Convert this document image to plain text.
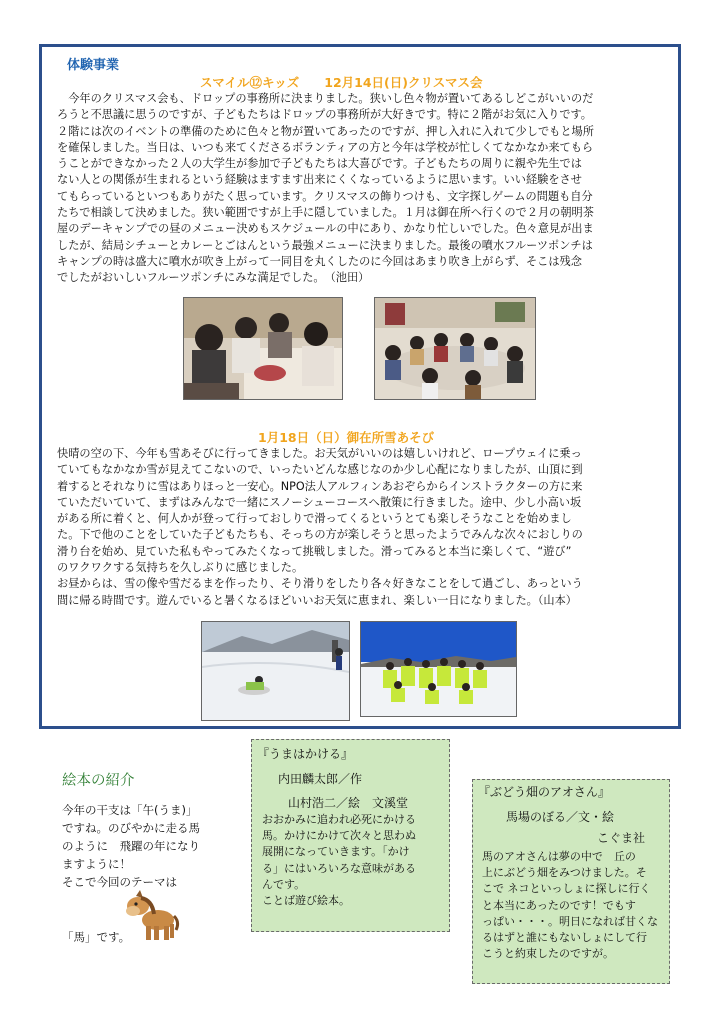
体験事業
スマイル⑫キッズ　　12月14日(日)クリスマス会
　今年のクリスマス会も、ドロップの事務所に決まりました。狭いし色々物が置いてあるしどこがいいのだ
ろうと不思議に思うのですが、子どもたちはドロップの事務所が大好きです。特に２階がお気に入りです。
２階には次のイベントの準備のために色々と物が置いてあったのですが、押し入れに入れて少しでもと場所
を確保しました。当日は、いつも来てくださるボランティアの方と今年は学校が忙しくてなかなか来てもら
うことができなかった２人の大学生が参加で子どもたちは大喜びです。子どもたちの周りに親や先生では
ない人との関係が生まれるという経験はますます出来にくくなっているように思います。いい経験をさせ
てもらっているといつもありがたく思っています。クリスマスの飾りつけも、文字探しゲームの問題も自分
たちで相談して決めました。狭い範囲ですが上手に隠していました。１月は御在所へ行くので２月の朝明茶
屋のデーキャンプでの昼のメニュー決めもスケジュールの中にあり、かなり忙しいでした。色々意見が出ま
したが、結局シチューとカレーとごはんという最強メニューに決まりました。最後の噴水フルーツポンチは
キャンプの時は盛大に噴水が吹き上がって一同目を丸くしたのに今回はあまり吹き上がらず、そこは残念
でしたがおいしいフルーツポンチにみな満足でした。　（池田）
1月18日（日）御在所雪あそび
快晴の空の下、今年も雪あそびに行ってきました。お天気がいいのは嬉しいけれど、ロープウェイに乗っ
ていてもなかなか雪が見えてこないので、いったいどんな感じなのか少し心配になりましたが、山頂に到
着するとそれなりに雪はありほっと一安心。NPO法人アルフィンあおぞらからインストラクターの方に来
ていただいていて、まずはみんなで一緒にスノーシューコースへ散策に行きました。途中、少し小高い坂
がある所に着くと、何人かが登って行っておしりで滑ってくるというとても楽しそうなことを始めまし
た。下で他のことをしていた子どもたちも、そっちの方が楽しそうと思ったようでみんな次々におしりの
滑り台を始め、見ていた私もやってみたくなって挑戦しました。滑ってみると本当に楽しくて、“遊び”
のワクワクする気持ちを久しぶりに感じました。
お昼からは、雪の像や雪だるまを作ったり、そり滑りをしたり各々好きなことをして過ごし、あっという
間に帰る時間です。遊んでいると暑くなるほどいいお天気に恵まれ、楽しい一日になりました。（山本）
絵本の紹介
今年の干支は「午(うま)」
ですね。のびやかに走る馬
のように　飛躍の年になり
ますように！
そこで今回のテーマは
「馬」です。
『うまはかける』
内田麟太郎／作
山村浩二／絵　文溪堂
おおかみに追われ必死にかける
馬。かけにかけて次々と思わぬ
展開になっていきます。「かけ
る」にはいろいろな意味がある
んです。
ことば遊び絵本。
『ぶどう畑のアオさん』
馬場のぼる／文・絵
こぐま社
馬のアオさんは夢の中で　丘の
上にぶどう畑をみつけました。そ
こで ネコといっしょに探しに行く
と本当にあったのです！でもす
っぱい・・・。明日になれば甘くな
るはずと誰にもないしょにして行
こうと約束したのですが。
